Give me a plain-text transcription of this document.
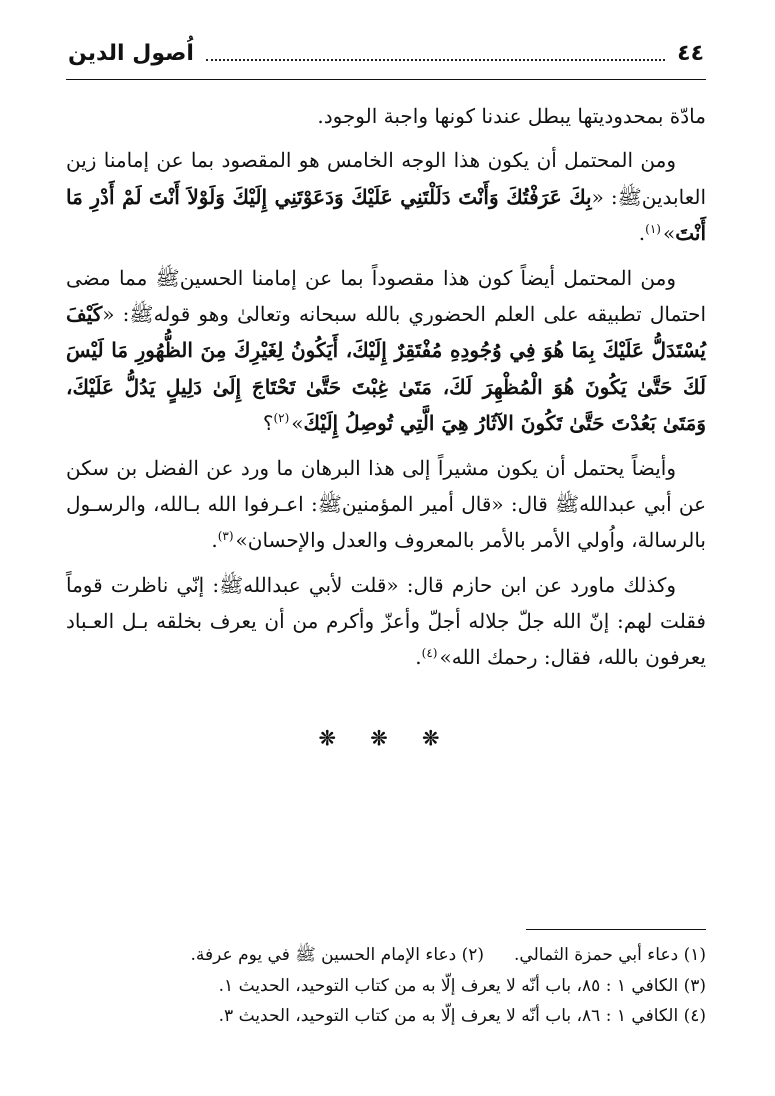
٤٤
اُصول الدين

مادّة بمحدوديتها يبطل عندنا كونها واجبة الوجود.

ومن المحتمل أن يكون هذا الوجه الخامس هو المقصود بما عن إمامنا زين العابدينﷺ: «بِكَ عَرَفْتُكَ وَأَنْتَ دَلَلْتَنِي عَلَيْكَ وَدَعَوْتَنِي إِلَيْكَ وَلَوْلاَ أَنْتَ لَمْ أَدْرِ مَا أَنْتَ»$^{(١)}$.

ومن المحتمل أيضاً كون هذا مقصوداً بما عن إمامنا الحسينﷺ مما مضى احتمال تطبيقه على العلم الحضوري بالله سبحانه وتعالىٰ وهو قولهﷺ: «كَيْفَ يُسْتَدَلُّ عَلَيْكَ بِمَا هُوَ فِي وُجُودِهِ مُفْتَقِرٌ إِلَيْكَ، أَيَكُونُ لِغَيْرِكَ مِنَ الظُّهُورِ مَا لَيْسَ لَكَ حَتَّىٰ يَكُونَ هُوَ الْمُظْهِرَ لَكَ، مَتَىٰ غِبْتَ حَتَّىٰ تَحْتَاجَ إِلَىٰ دَلِيلٍ يَدُلُّ عَلَيْكَ، وَمَتَىٰ بَعُدْتَ حَتَّىٰ تَكُونَ الآثَارُ هِيَ الَّتِي تُوصِلُ إِلَيْكَ»$^{(٢)}$؟

وأيضاً يحتمل أن يكون مشيراً إلى هذا البرهان ما ورد عن الفضل بن سكن عن أبي عبداللهﷺ قال: «قال أمير المؤمنينﷺ: اعـرفوا الله بـالله، والرسـول بالرسالة، واُولي الأمر بالأمر بالمعروف والعدل والإحسان»$^{(٣)}$.

وكذلك ماورد عن ابن حازم قال: «قلت لأبي عبداللهﷺ: إنّي ناظرت قوماً فقلت لهم: إنّ الله جلّ جلاله أجلّ وأعزّ وأكرم من أن يعرف بخلقه بـل العـباد يعرفون بالله، فقال: رحمك الله»$^{(٤)}$.

❊ ❊ ❊
(١) دعاء أبي حمزة الثمالي.
(٢) دعاء الإمام الحسين ﷺ في يوم عرفة.
(٣) الكافي ١ : ٨٥، باب أنّه لا يعرف إلّا به من كتاب التوحيد، الحديث ١.
(٤) الكافي ١ : ٨٦، باب أنّه لا يعرف إلّا به من كتاب التوحيد، الحديث ٣.
